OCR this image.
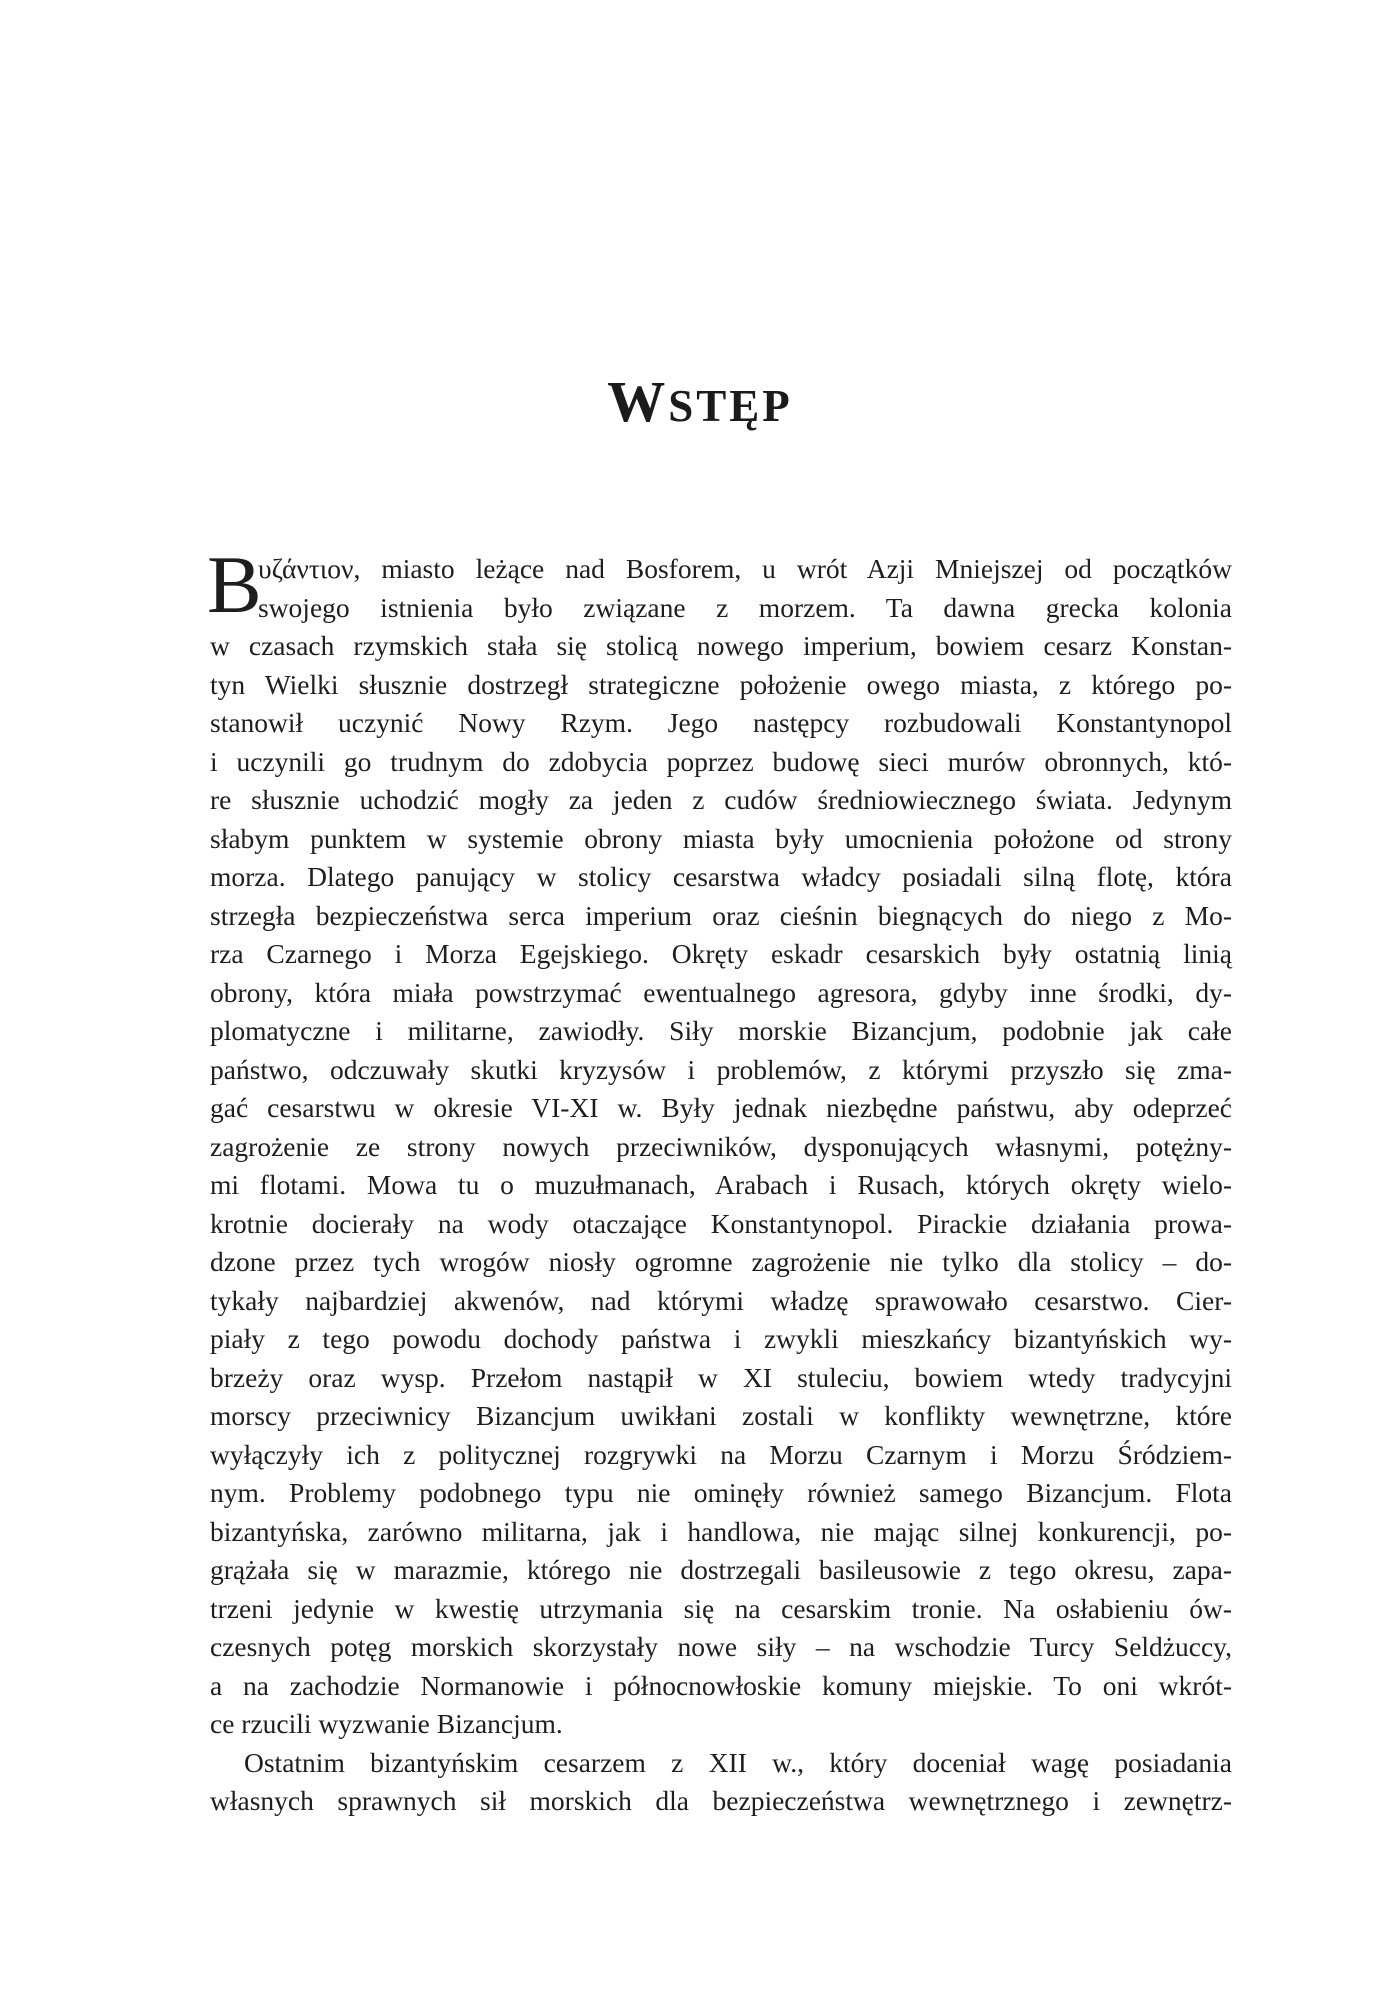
WSTĘP
B
υζάντιον, miasto leżące nad Bosforem, u wrót Azji Mniejszej od początków
swojego istnienia było związane z morzem. Ta dawna grecka kolonia
w czasach rzymskich stała się stolicą nowego imperium, bowiem cesarz Konstan-
tyn Wielki słusznie dostrzegł strategiczne położenie owego miasta, z którego po-
stanowił uczynić Nowy Rzym. Jego następcy rozbudowali Konstantynopol
i uczynili go trudnym do zdobycia poprzez budowę sieci murów obronnych, któ-
re słusznie uchodzić mogły za jeden z cudów średniowiecznego świata. Jedynym
słabym punktem w systemie obrony miasta były umocnienia położone od strony
morza. Dlatego panujący w stolicy cesarstwa władcy posiadali silną flotę, która
strzegła bezpieczeństwa serca imperium oraz cieśnin biegnących do niego z Mo-
rza Czarnego i Morza Egejskiego. Okręty eskadr cesarskich były ostatnią linią
obrony, która miała powstrzymać ewentualnego agresora, gdyby inne środki, dy-
plomatyczne i militarne, zawiodły. Siły morskie Bizancjum, podobnie jak całe
państwo, odczuwały skutki kryzysów i problemów, z którymi przyszło się zma-
gać cesarstwu w okresie VI-XI w. Były jednak niezbędne państwu, aby odeprzeć
zagrożenie ze strony nowych przeciwników, dysponujących własnymi, potężny-
mi flotami. Mowa tu o muzułmanach, Arabach i Rusach, których okręty wielo-
krotnie docierały na wody otaczające Konstantynopol. Pirackie działania prowa-
dzone przez tych wrogów niosły ogromne zagrożenie nie tylko dla stolicy – do-
tykały najbardziej akwenów, nad którymi władzę sprawowało cesarstwo. Cier-
piały z tego powodu dochody państwa i zwykli mieszkańcy bizantyńskich wy-
brzeży oraz wysp. Przełom nastąpił w XI stuleciu, bowiem wtedy tradycyjni
morscy przeciwnicy Bizancjum uwikłani zostali w konflikty wewnętrzne, które
wyłączyły ich z politycznej rozgrywki na Morzu Czarnym i Morzu Śródziem-
nym. Problemy podobnego typu nie ominęły również samego Bizancjum. Flota
bizantyńska, zarówno militarna, jak i handlowa, nie mając silnej konkurencji, po-
grążała się w marazmie, którego nie dostrzegali basileusowie z tego okresu, zapa-
trzeni jedynie w kwestię utrzymania się na cesarskim tronie. Na osłabieniu ów-
czesnych potęg morskich skorzystały nowe siły – na wschodzie Turcy Seldżuccy,
a na zachodzie Normanowie i północnowłoskie komuny miejskie. To oni wkrót-
ce rzucili wyzwanie Bizancjum.
Ostatnim bizantyńskim cesarzem z XII w., który doceniał wagę posiadania
własnych sprawnych sił morskich dla bezpieczeństwa wewnętrznego i zewnętrz-
